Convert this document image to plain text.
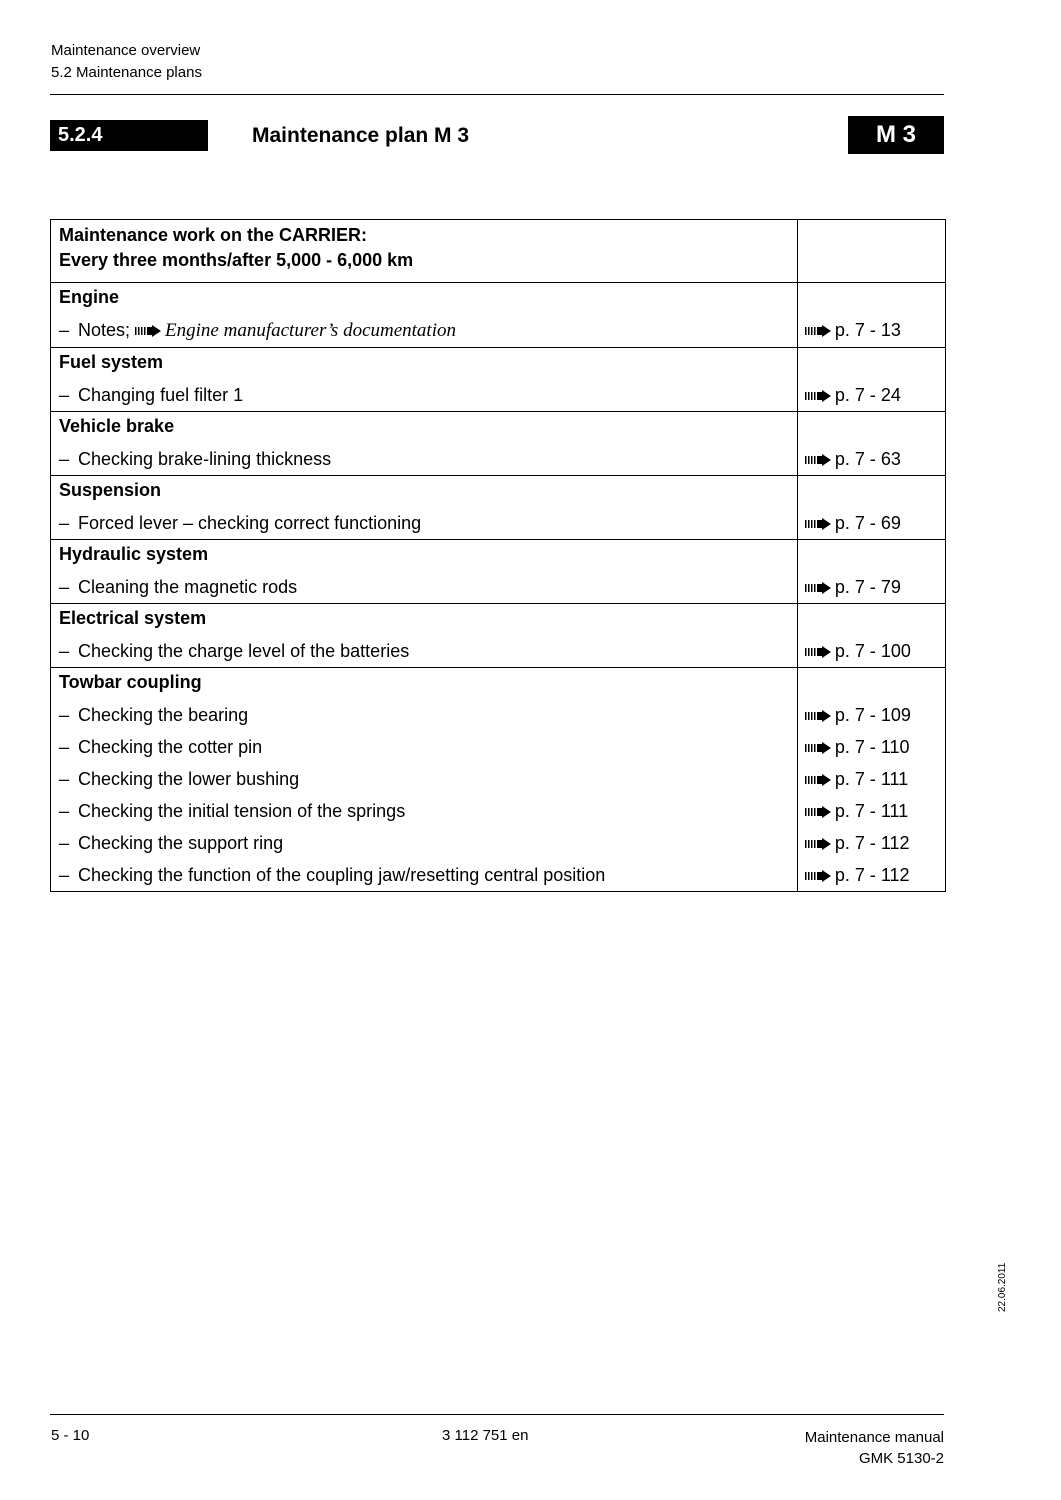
Maintenance overview
5.2 Maintenance plans
5.2.4	Maintenance plan M 3	M 3
Maintenance work on the CARRIER:
Every three months/after 5,000 - 6,000 km	

Engine	
– Notes; Engine manufacturer’s documentation	p. 7 - 13
Fuel system	
– Changing fuel filter 1	p. 7 - 24
Vehicle brake	
– Checking brake-lining thickness	p. 7 - 63
Suspension	
– Forced lever – checking correct functioning	p. 7 - 69
Hydraulic system	
– Cleaning the magnetic rods	p. 7 - 79
Electrical system	
– Checking the charge level of the batteries	p. 7 - 100
Towbar coupling	
– Checking the bearing	p. 7 - 109
– Checking the cotter pin	p. 7 - 110
– Checking the lower bushing	p. 7 - 111
– Checking the initial tension of the springs	p. 7 - 111
– Checking the support ring	p. 7 - 112
– Checking the function of the coupling jaw/resetting central position	p. 7 - 112
22.06.2011
5 - 10	3 112 751 en	Maintenance manual
GMK 5130-2
